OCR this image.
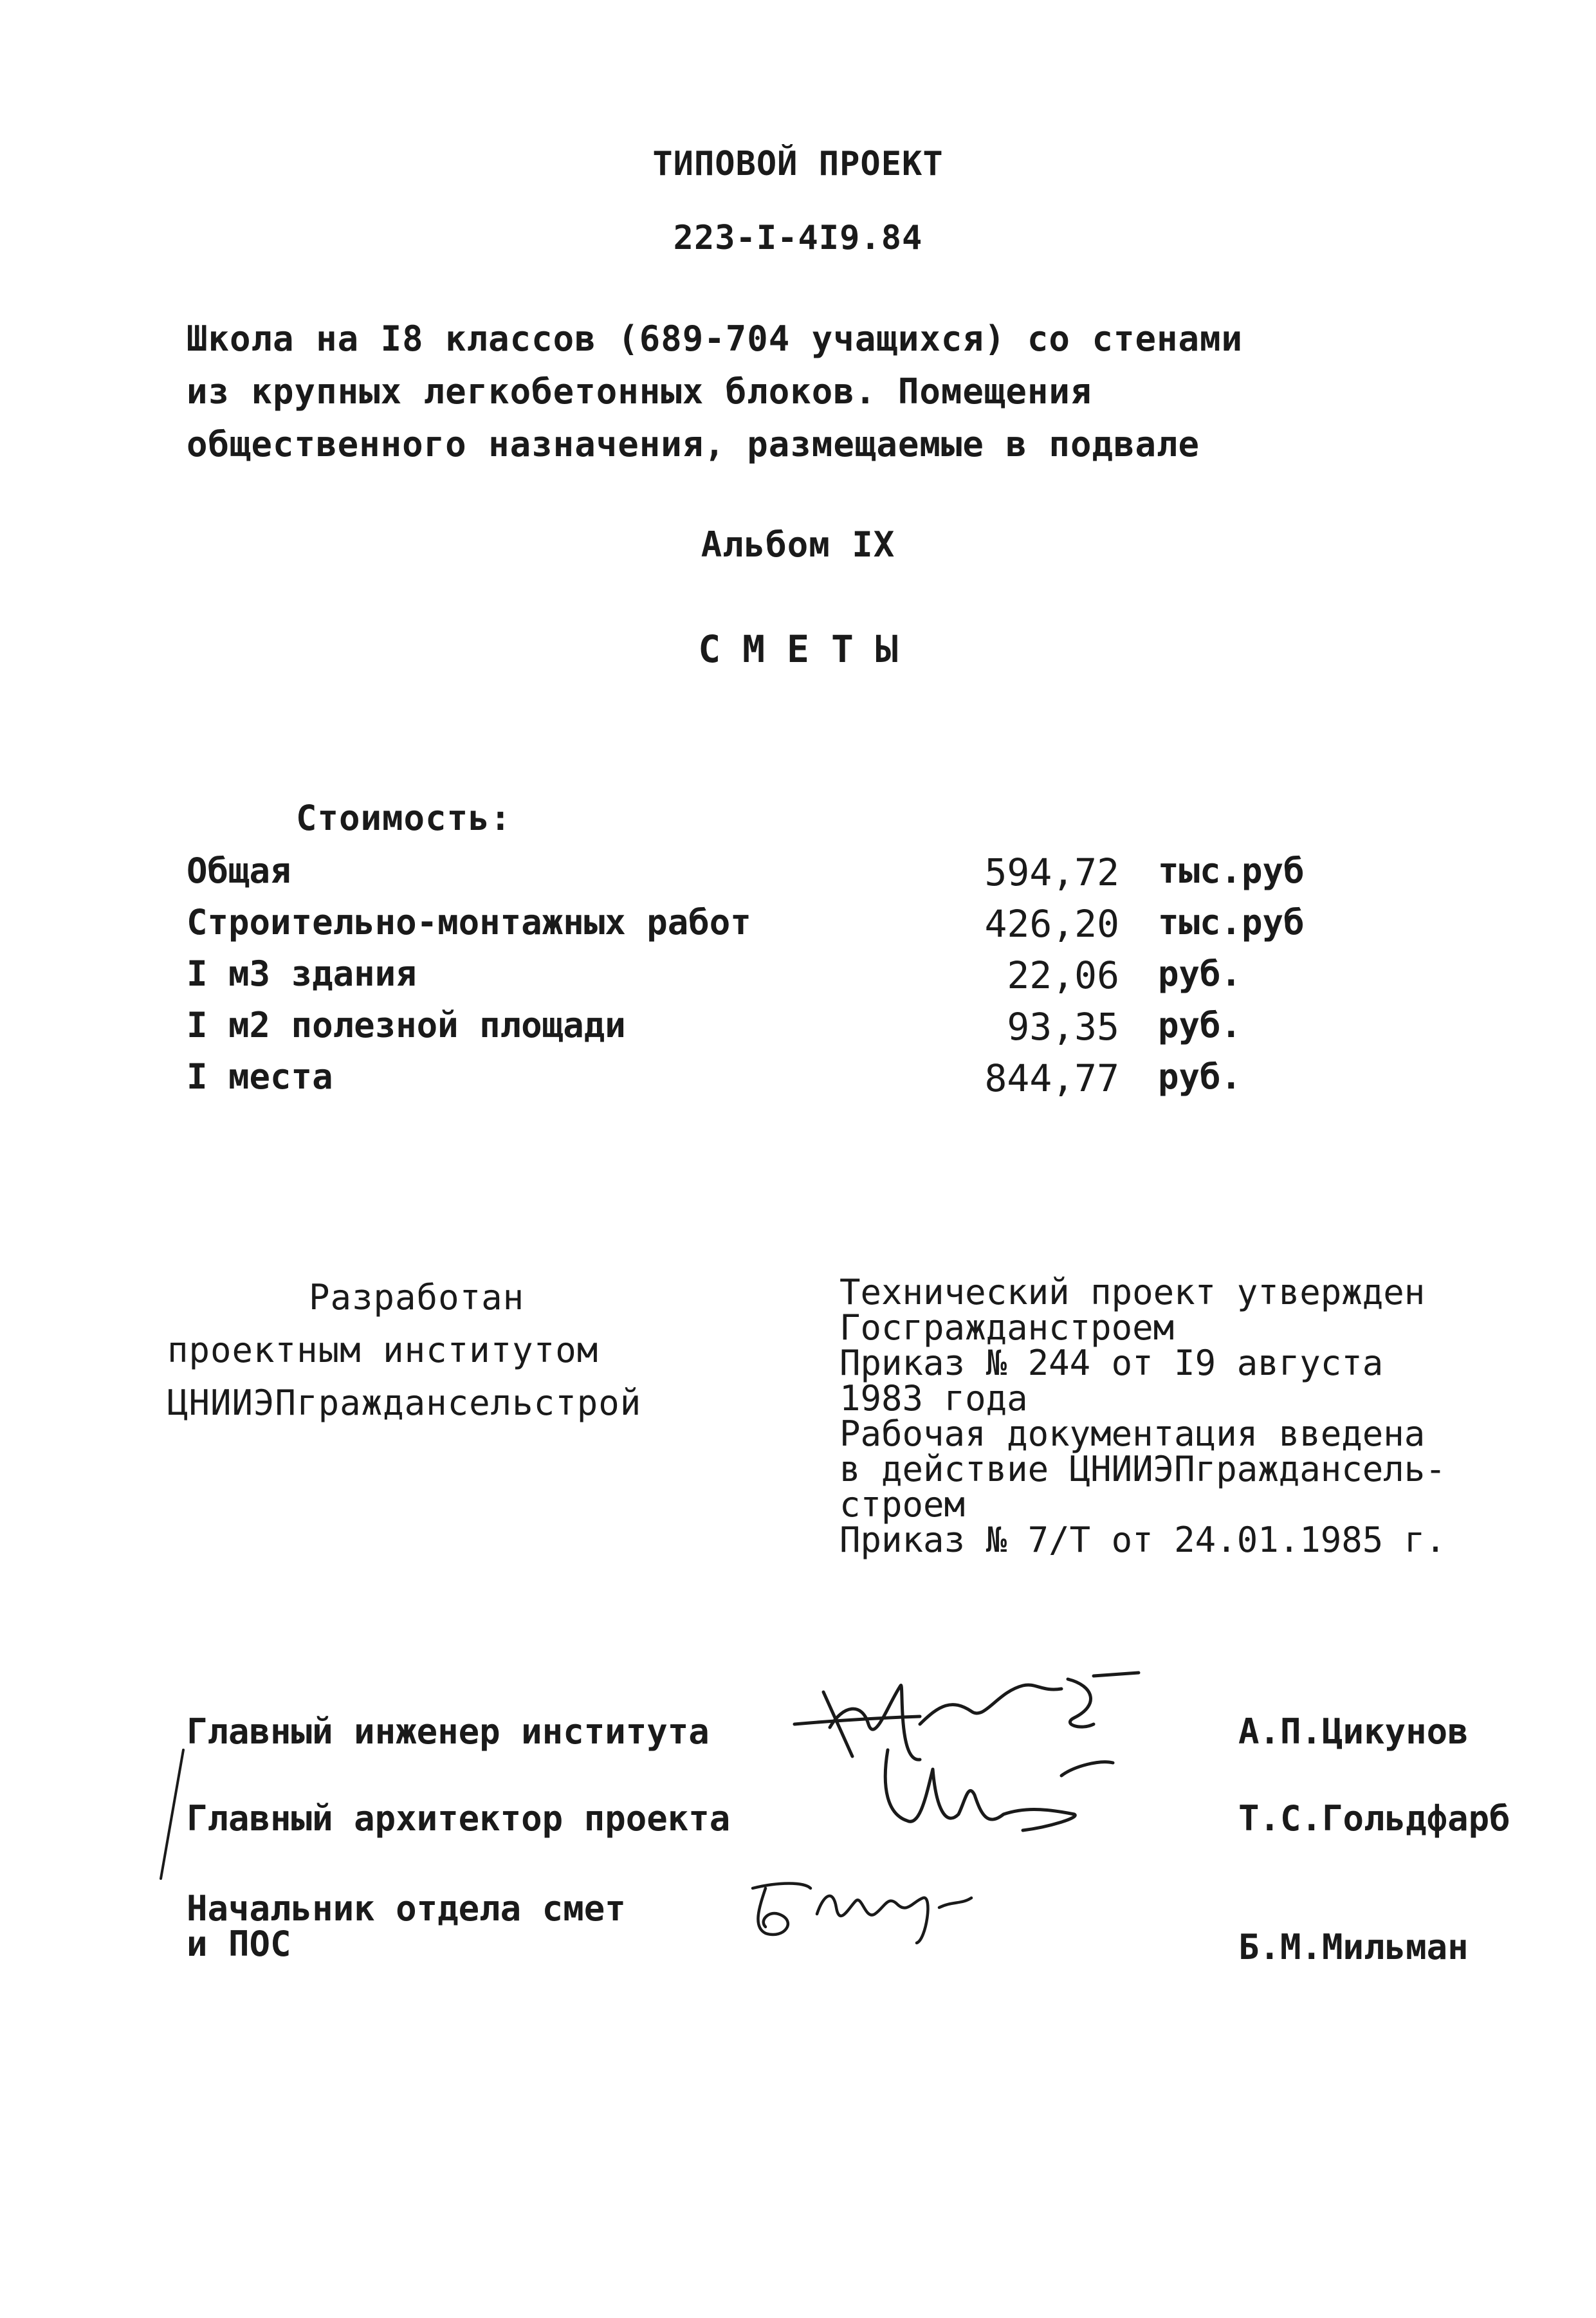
ТИПОВОЙ ПРОЕКТ
223-I-4I9.84
Школа на I8 классов (689-704 учащихся) со стенами
из крупных легкобетонных блоков. Помещения
общественного назначения, размещаемые в подвале
Альбом IX
СМЕТЫ
Стоимость:
Общая	594,72 тыс.руб
Строительно-монтажных работ	426,20 тыс.руб
I м3 здания	22,06 руб.
I м2 полезной площади	93,35 руб.
I места	844,77 руб.
Разработан
проектным институтом
ЦНИИЭПграждансельстрой
Технический проект утвержден
Госгражданстроем
Приказ № 244 от I9 августа
1983 года
Рабочая документация введена
в действие ЦНИИЭПграждансель-
строем
Приказ № 7/Т от 24.01.1985 г.
Главный инженер института	А.П.Цикунов
Главный архитектор проекта	Т.С.Гольдфарб
Начальник отдела смет
и ПОС	Б.М.Мильман
